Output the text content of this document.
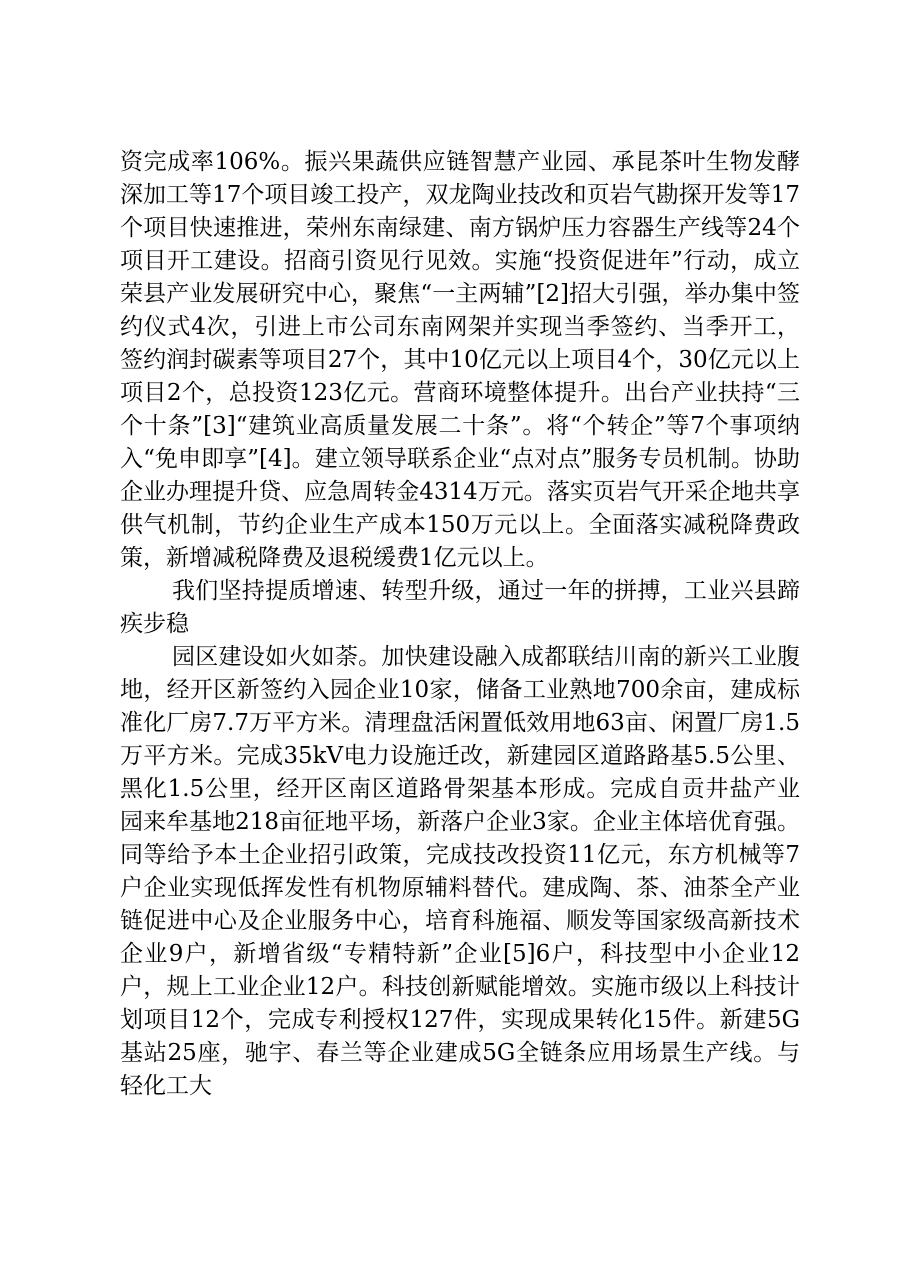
资完成率106%。振兴果蔬供应链智慧产业园、承昆茶叶生物发酵深加工等17个项目竣工投产，双龙陶业技改和页岩气勘探开发等17个项目快速推进，荣州东南绿建、南方锅炉压力容器生产线等24个项目开工建设。招商引资见行见效。实施“投资促进年”行动，成立荣县产业发展研究中心，聚焦“一主两辅”[2]招大引强，举办集中签约仪式4次，引进上市公司东南网架并实现当季签约、当季开工，签约润封碳素等项目27个，其中10亿元以上项目4个，30亿元以上项目2个，总投资123亿元。营商环境整体提升。出台产业扶持“三个十条”[3]“建筑业高质量发展二十条”。将“个转企”等7个事项纳入“免申即享”[4]。建立领导联系企业“点对点”服务专员机制。协助企业办理提升贷、应急周转金4314万元。落实页岩气开采企地共享供气机制，节约企业生产成本150万元以上。全面落实减税降费政策，新增减税降费及退税缓费1亿元以上。

我们坚持提质增速、转型升级，通过一年的拼搏，工业兴县蹄疾步稳

园区建设如火如荼。加快建设融入成都联结川南的新兴工业腹地，经开区新签约入园企业10家，储备工业熟地700余亩，建成标准化厂房7.7万平方米。清理盘活闲置低效用地63亩、闲置厂房1.5万平方米。完成35kV电力设施迁改，新建园区道路路基5.5公里、黑化1.5公里，经开区南区道路骨架基本形成。完成自贡井盐产业园来牟基地218亩征地平场，新落户企业3家。企业主体培优育强。同等给予本土企业招引政策，完成技改投资11亿元，东方机械等7户企业实现低挥发性有机物原辅料替代。建成陶、茶、油茶全产业链促进中心及企业服务中心，培育科施福、顺发等国家级高新技术企业9户，新增省级“专精特新”企业[5]6户，科技型中小企业12户，规上工业企业12户。科技创新赋能增效。实施市级以上科技计划项目12个，完成专利授权127件，实现成果转化15件。新建5G基站25座，驰宇、春兰等企业建成5G全链条应用场景生产线。与轻化工大
